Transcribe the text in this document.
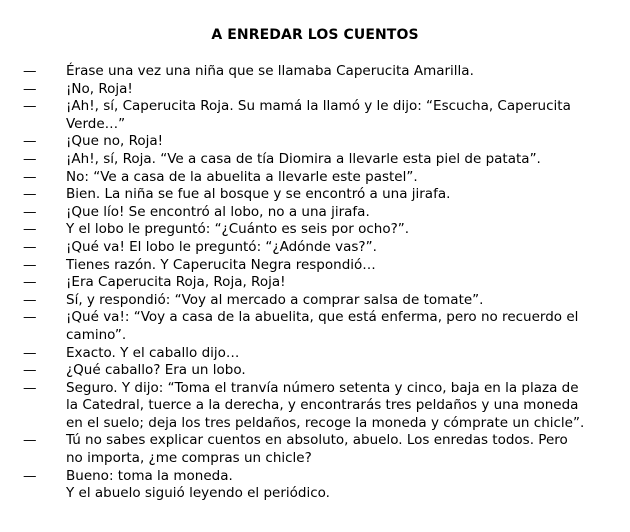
A ENREDAR LOS CUENTOS
—	Érase una vez una niña que se llamaba Caperucita Amarilla.
—	¡No, Roja!
—	¡Ah!, sí, Caperucita Roja. Su mamá la llamó y le dijo: “Escucha, Caperucita Verde…”
—	¡Que no, Roja!
—	¡Ah!, sí, Roja. “Ve a casa de tía Diomira a llevarle esta piel de patata”.
—	No: “Ve a casa de la abuelita a llevarle este pastel”.
—	Bien. La niña se fue al bosque y se encontró a una jirafa.
—	¡Que lío! Se encontró al lobo, no a una jirafa.
—	Y el lobo le preguntó: “¿Cuánto es seis por ocho?”.
—	¡Qué va! El lobo le preguntó: “¿Adónde vas?”.
—	Tienes razón. Y Caperucita Negra respondió…
—	¡Era Caperucita Roja, Roja, Roja!
—	Sí, y respondió: “Voy al mercado a comprar salsa de tomate”.
—	¡Qué va!: “Voy a casa de la abuelita, que está enferma, pero no recuerdo el camino”.
—	Exacto. Y el caballo dijo…
—	¿Qué caballo? Era un lobo.
—	Seguro. Y dijo: “Toma el tranvía número setenta y cinco, baja en la plaza de la Catedral, tuerce a la derecha, y encontrarás tres peldaños y una moneda en el suelo; deja los tres peldaños, recoge la moneda y cómprate un chicle”.
—	Tú no sabes explicar cuentos en absoluto, abuelo. Los enredas todos. Pero no importa, ¿me compras un chicle?
—	Bueno: toma la moneda.
Y el abuelo siguió leyendo el periódico.
